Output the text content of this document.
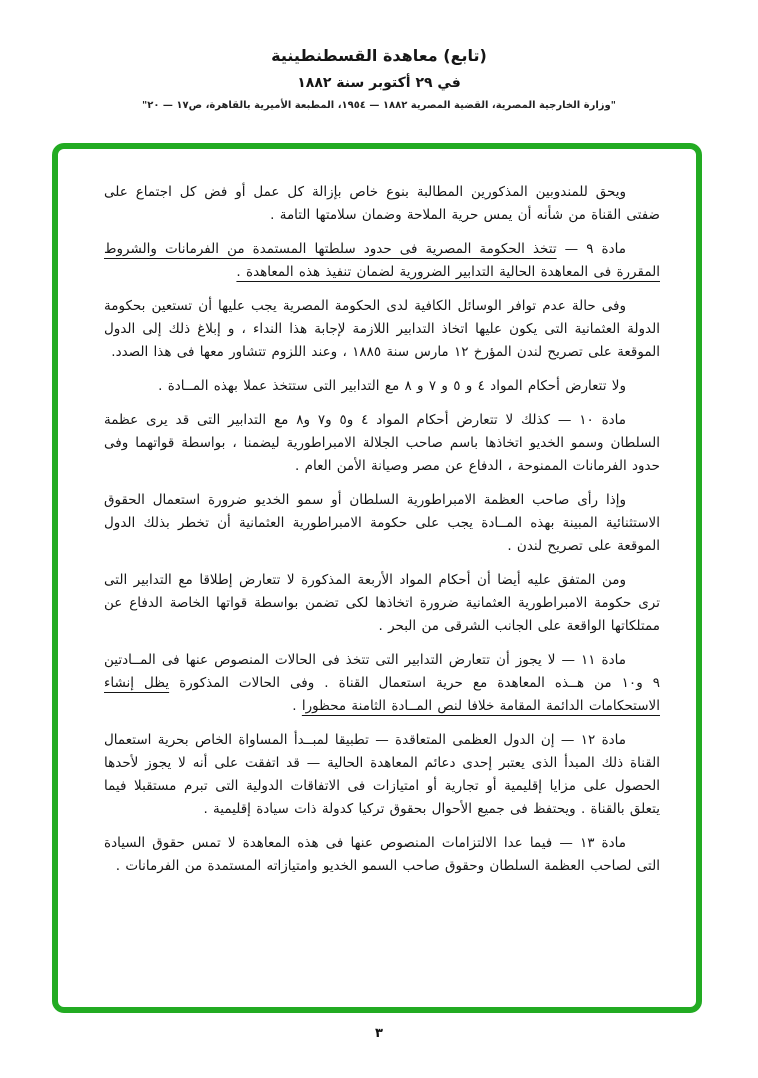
(تابع) معاهدة القسطنطينية

في ٢٩ أكتوبر سنة ١٨٨٢

"وزارة الخارجية المصرية، القضية المصرية ١٨٨٢ — ١٩٥٤، المطبعة الأميرية بالقاهرة، ص١٧ — ٢٠"

ويحق للمندوبين المذكورين المطالبة بنوع خاص بإزالة كل عمل أو فض كل اجتماع على ضفتى القناة من شأنه أن يمس حرية الملاحة وضمان سلامتها التامة .

مادة ٩ — تتخذ الحكومة المصرية فى حدود سلطتها المستمدة من الفرمانات والشروط المقررة فى المعاهدة الحالية التدابير الضرورية لضمان تنفيذ هذه المعاهدة .

وفى حالة عدم توافر الوسائل الكافية لدى الحكومة المصرية يجب عليها أن تستعين بحكومة الدولة العثمانية التى يكون عليها اتخاذ التدابير اللازمة لإجابة هذا النداء ، و إبلاغ ذلك إلى الدول الموقعة على تصريح لندن المؤرخ ١٢ مارس سنة ١٨٨٥ ، وعند اللزوم تتشاور معها فى هذا الصدد.

ولا تتعارض أحكام المواد ٤ و ٥ و ٧ و ٨ مع التدابير التى ستتخذ عملا بهذه المــادة .

مادة ١٠ — كذلك لا تتعارض أحكام المواد ٤ و٥ و٧ و٨ مع التدابير التى قد يرى عظمة السلطان وسمو الخديو اتخاذها باسم صاحب الجلالة الامبراطورية ليضمنا ، بواسطة قواتهما وفى حدود الفرمانات الممنوحة ، الدفاع عن مصر وصيانة الأمن العام .

وإذا رأى صاحب العظمة الامبراطورية السلطان أو سمو الخديو ضرورة استعمال الحقوق الاستثنائية المبينة بهذه المــادة يجب على حكومة الامبراطورية العثمانية أن تخطر بذلك الدول الموقعة على تصريح لندن .

ومن المتفق عليه أيضا أن أحكام المواد الأربعة المذكورة لا تتعارض إطلاقا مع التدابير التى ترى حكومة الامبراطورية العثمانية ضرورة اتخاذها لكى تضمن بواسطة قواتها الخاصة الدفاع عن ممتلكاتها الواقعة على الجانب الشرقى من البحر .

مادة ١١ — لا يجوز أن تتعارض التدابير التى تتخذ فى الحالات المنصوص عنها فى المــادتين ٩ و١٠ من هــذه المعاهدة مع حرية استعمال القناة . وفى الحالات المذكورة يظل إنشاء الاستحكامات الدائمة المقامة خلافا لنص المــادة الثامنة محظورا .

مادة ١٢ — إن الدول العظمى المتعاقدة — تطبيقا لمبــدأ المساواة الخاص بحرية استعمال القناة ذلك المبدأ الذى يعتبر إحدى دعائم المعاهدة الحالية — قد اتفقت على أنه لا يجوز لأحدها الحصول على مزايا إقليمية أو تجارية أو امتيازات فى الاتفاقات الدولية التى تبرم مستقبلا فيما يتعلق بالقناة . ويحتفظ فى جميع الأحوال بحقوق تركيا كدولة ذات سيادة إقليمية .

مادة ١٣ — فيما عدا الالتزامات المنصوص عنها فى هذه المعاهدة لا تمس حقوق السيادة التى لصاحب العظمة السلطان وحقوق صاحب السمو الخديو وامتيازاته المستمدة من الفرمانات .

٣
